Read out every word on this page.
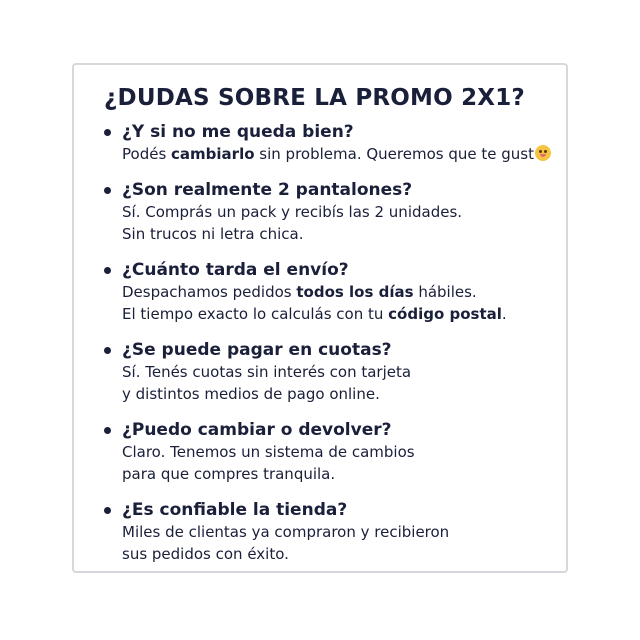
¿DUDAS SOBRE LA PROMO 2X1?
¿Y si no me queda bien?
Podés cambiarlo sin problema. Queremos que te gust
¿Son realmente 2 pantalones?
Sí. Comprás un pack y recibís las 2 unidades.
Sin trucos ni letra chica.
¿Cuánto tarda el envío?
Despachamos pedidos todos los días hábiles.
El tiempo exacto lo calculás con tu código postal.
¿Se puede pagar en cuotas?
Sí. Tenés cuotas sin interés con tarjeta
y distintos medios de pago online.
¿Puedo cambiar o devolver?
Claro. Tenemos un sistema de cambios
para que compres tranquila.
¿Es confiable la tienda?
Miles de clientas ya compraron y recibieron
sus pedidos con éxito.
